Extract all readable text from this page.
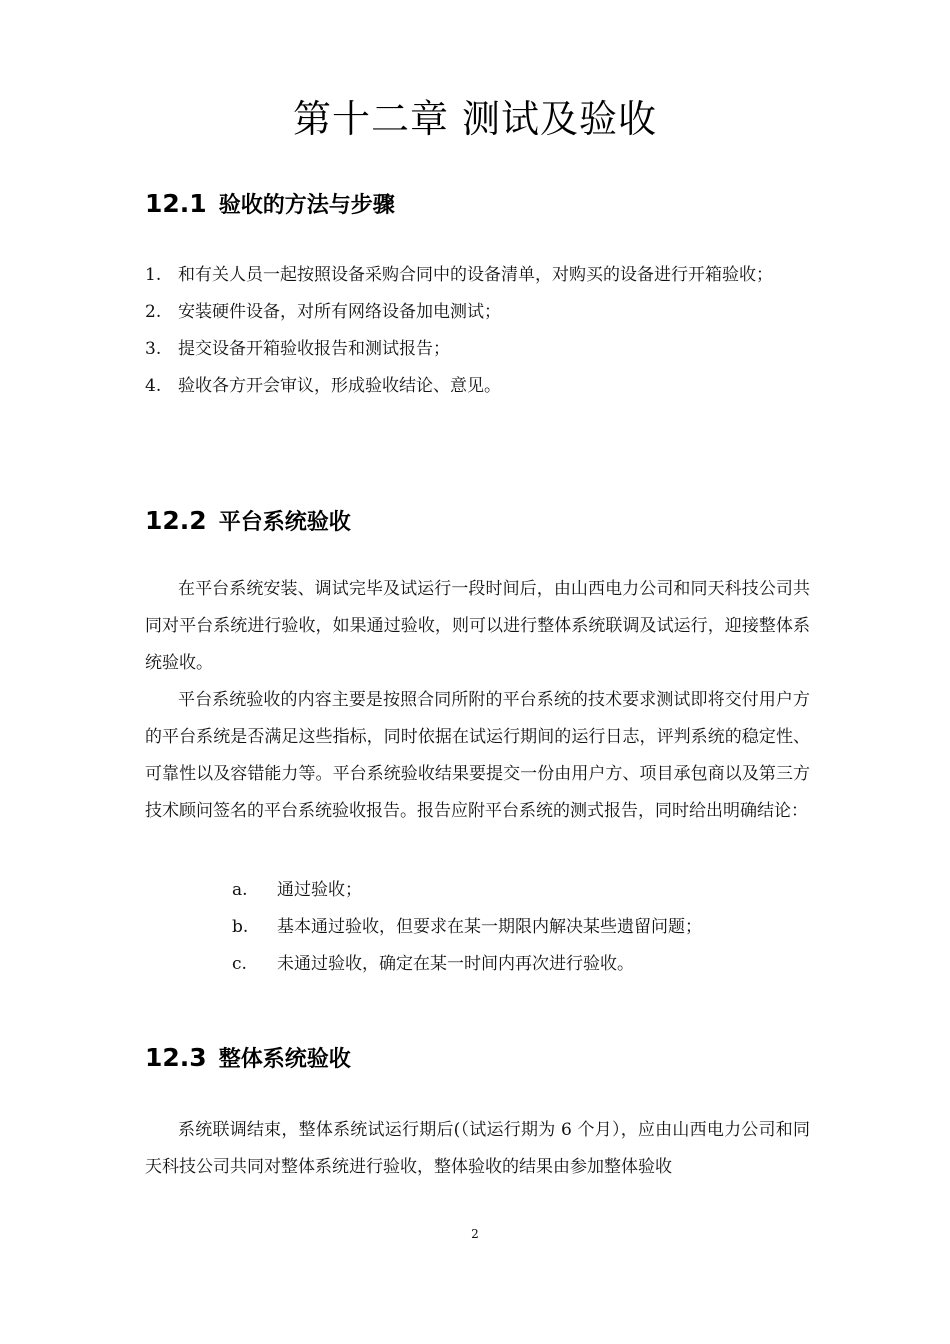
第十二章 测试及验收
12.1 验收的方法与步骤
1. 和有关人员一起按照设备采购合同中的设备清单，对购买的设备进行开箱验收；
2. 安装硬件设备，对所有网络设备加电测试；
3. 提交设备开箱验收报告和测试报告；
4. 验收各方开会审议，形成验收结论、意见。
12.2 平台系统验收

在平台系统安装、调试完毕及试运行一段时间后，由山西电力公司和同天科技公司共同对平台系统进行验收，如果通过验收，则可以进行整体系统联调及试运行，迎接整体系统验收。

平台系统验收的内容主要是按照合同所附的平台系统的技术要求测试即将交付用户方的平台系统是否满足这些指标，同时依据在试运行期间的运行日志，评判系统的稳定性、可靠性以及容错能力等。平台系统验收结果要提交一份由用户方、项目承包商以及第三方技术顾问签名的平台系统验收报告。报告应附平台系统的测式报告，同时给出明确结论：

a.	通过验收；
b.	基本通过验收，但要求在某一期限内解决某些遗留问题；
c.	未通过验收，确定在某一时间内再次进行验收。
12.3 整体系统验收

系统联调结束，整体系统试运行期后(（试运行期为 6 个月），应由山西电力公司和同天科技公司共同对整体系统进行验收，整体验收的结果由参加整体验收

2
